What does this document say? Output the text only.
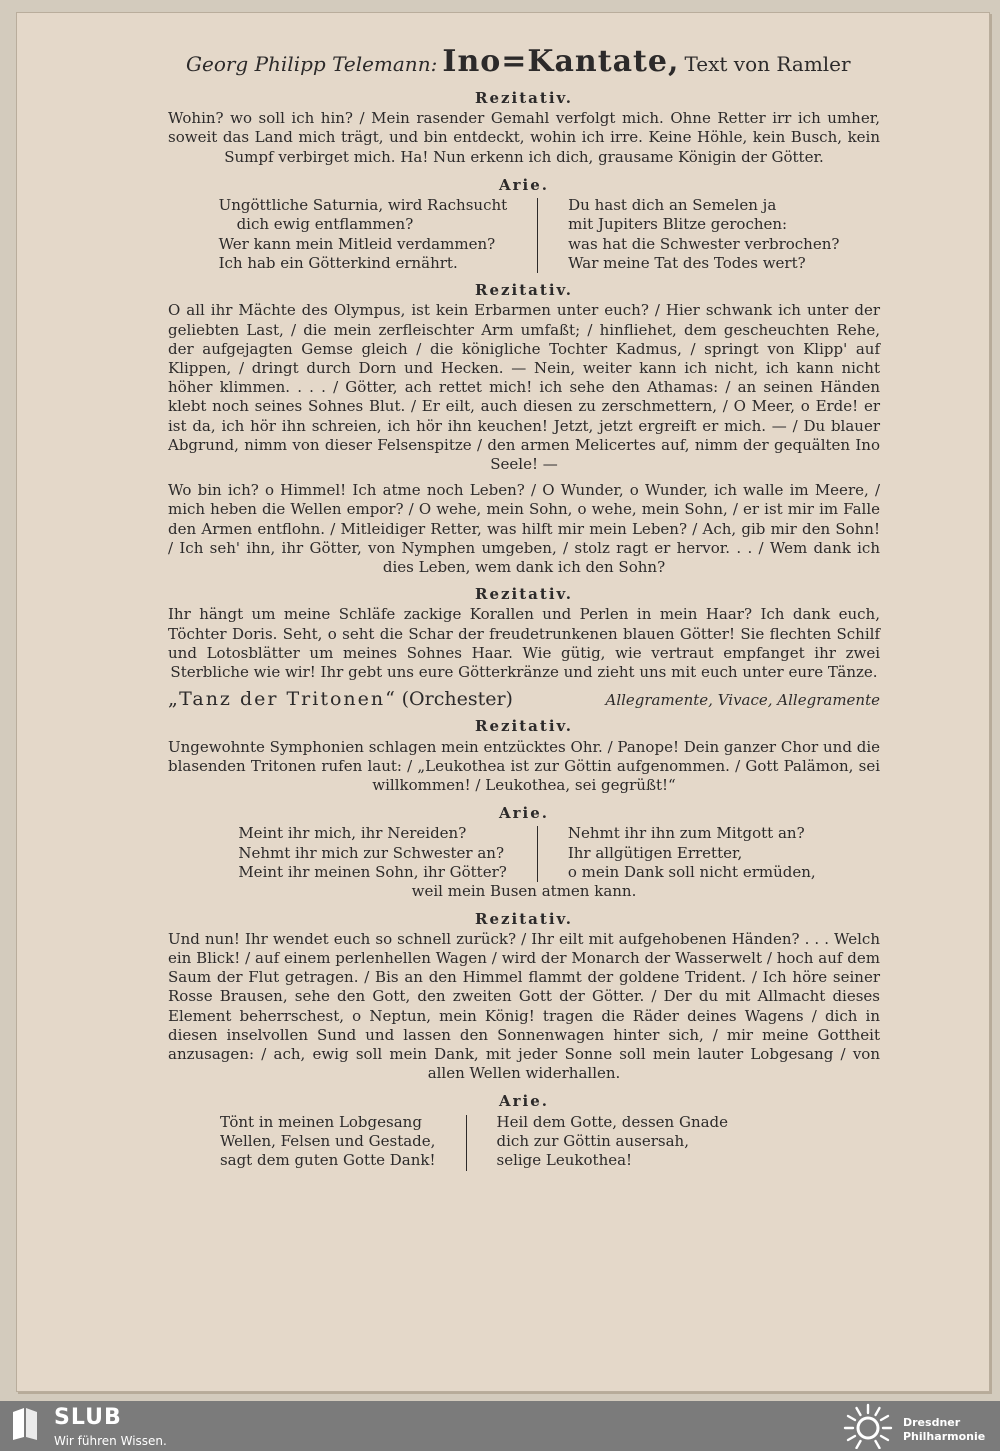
Georg Philipp Telemann: Ino=Kantate, Text von Ramler
Rezitativ.

Wohin? wo soll ich hin? / Mein rasender Gemahl verfolgt mich. Ohne Retter irr ich umher, soweit das Land mich trägt, und bin entdeckt, wohin ich irre. Keine Höhle, kein Busch, kein Sumpf verbirget mich. Ha! Nun erkenn ich dich, grausame Königin der Götter.

Arie.
Ungöttliche Saturnia, wird Rachsucht
dich ewig entflammen?
Wer kann mein Mitleid verdammen?
Ich hab ein Götterkind ernährt.
Du hast dich an Semelen ja
mit Jupiters Blitze gerochen:
was hat die Schwester verbrochen?
War meine Tat des Todes wert?
Rezitativ.

O all ihr Mächte des Olympus, ist kein Erbarmen unter euch? / Hier schwank ich unter der geliebten Last, / die mein zerfleischter Arm umfaßt; / hinfliehet, dem gescheuchten Rehe, der aufgejagten Gemse gleich / die königliche Tochter Kadmus, / springt von Klipp' auf Klippen, / dringt durch Dorn und Hecken. — Nein, weiter kann ich nicht, ich kann nicht höher klimmen. . . . / Götter, ach rettet mich! ich sehe den Athamas: / an seinen Händen klebt noch seines Sohnes Blut. / Er eilt, auch diesen zu zerschmettern, / O Meer, o Erde! er ist da, ich hör ihn schreien, ich hör ihn keuchen! Jetzt, jetzt ergreift er mich. — / Du blauer Abgrund, nimm von dieser Felsenspitze / den armen Melicertes auf, nimm der gequälten Ino Seele! —

Wo bin ich? o Himmel! Ich atme noch Leben? / O Wunder, o Wunder, ich walle im Meere, / mich heben die Wellen empor? / O wehe, mein Sohn, o wehe, mein Sohn, / er ist mir im Falle den Armen entflohn. / Mitleidiger Retter, was hilft mir mein Leben? / Ach, gib mir den Sohn! / Ich seh' ihn, ihr Götter, von Nymphen umgeben, / stolz ragt er hervor. . . / Wem dank ich dies Leben, wem dank ich den Sohn?

Rezitativ.

Ihr hängt um meine Schläfe zackige Korallen und Perlen in mein Haar? Ich dank euch, Töchter Doris. Seht, o seht die Schar der freudetrunkenen blauen Götter! Sie flechten Schilf und Lotosblätter um meines Sohnes Haar. Wie gütig, wie vertraut empfanget ihr zwei Sterbliche wie wir! Ihr gebt uns eure Götterkränze und zieht uns mit euch unter eure Tänze.

„Tanz der Tritonen“ (Orchester)	Allegramente, Vivace, Allegramente
Rezitativ.

Ungewohnte Symphonien schlagen mein entzücktes Ohr. / Panope! Dein ganzer Chor und die blasenden Tritonen rufen laut: / „Leukothea ist zur Göttin aufgenommen. / Gott Palämon, sei willkommen! / Leukothea, sei gegrüßt!“

Arie.
Meint ihr mich, ihr Nereiden?
Nehmt ihr mich zur Schwester an?
Meint ihr meinen Sohn, ihr Götter?
Nehmt ihr ihn zum Mitgott an?
Ihr allgütigen Erretter,
o mein Dank soll nicht ermüden,
weil mein Busen atmen kann.
Rezitativ.

Und nun! Ihr wendet euch so schnell zurück? / Ihr eilt mit aufgehobenen Händen? . . . Welch ein Blick! / auf einem perlenhellen Wagen / wird der Monarch der Wasserwelt / hoch auf dem Saum der Flut getragen. / Bis an den Himmel flammt der goldene Trident. / Ich höre seiner Rosse Brausen, sehe den Gott, den zweiten Gott der Götter. / Der du mit Allmacht dieses Element beherrschest, o Neptun, mein König! tragen die Räder deines Wagens / dich in diesen inselvollen Sund und lassen den Sonnenwagen hinter sich, / mir meine Gottheit anzusagen: / ach, ewig soll mein Dank, mit jeder Sonne soll mein lauter Lobgesang / von allen Wellen widerhallen.

Arie.
Tönt in meinen Lobgesang
Wellen, Felsen und Gestade,
sagt dem guten Gotte Dank!
Heil dem Gotte, dessen Gnade
dich zur Göttin ausersah,
selige Leukothea!
SLUB
Wir führen Wissen.
Dresdner
Philharmonie
